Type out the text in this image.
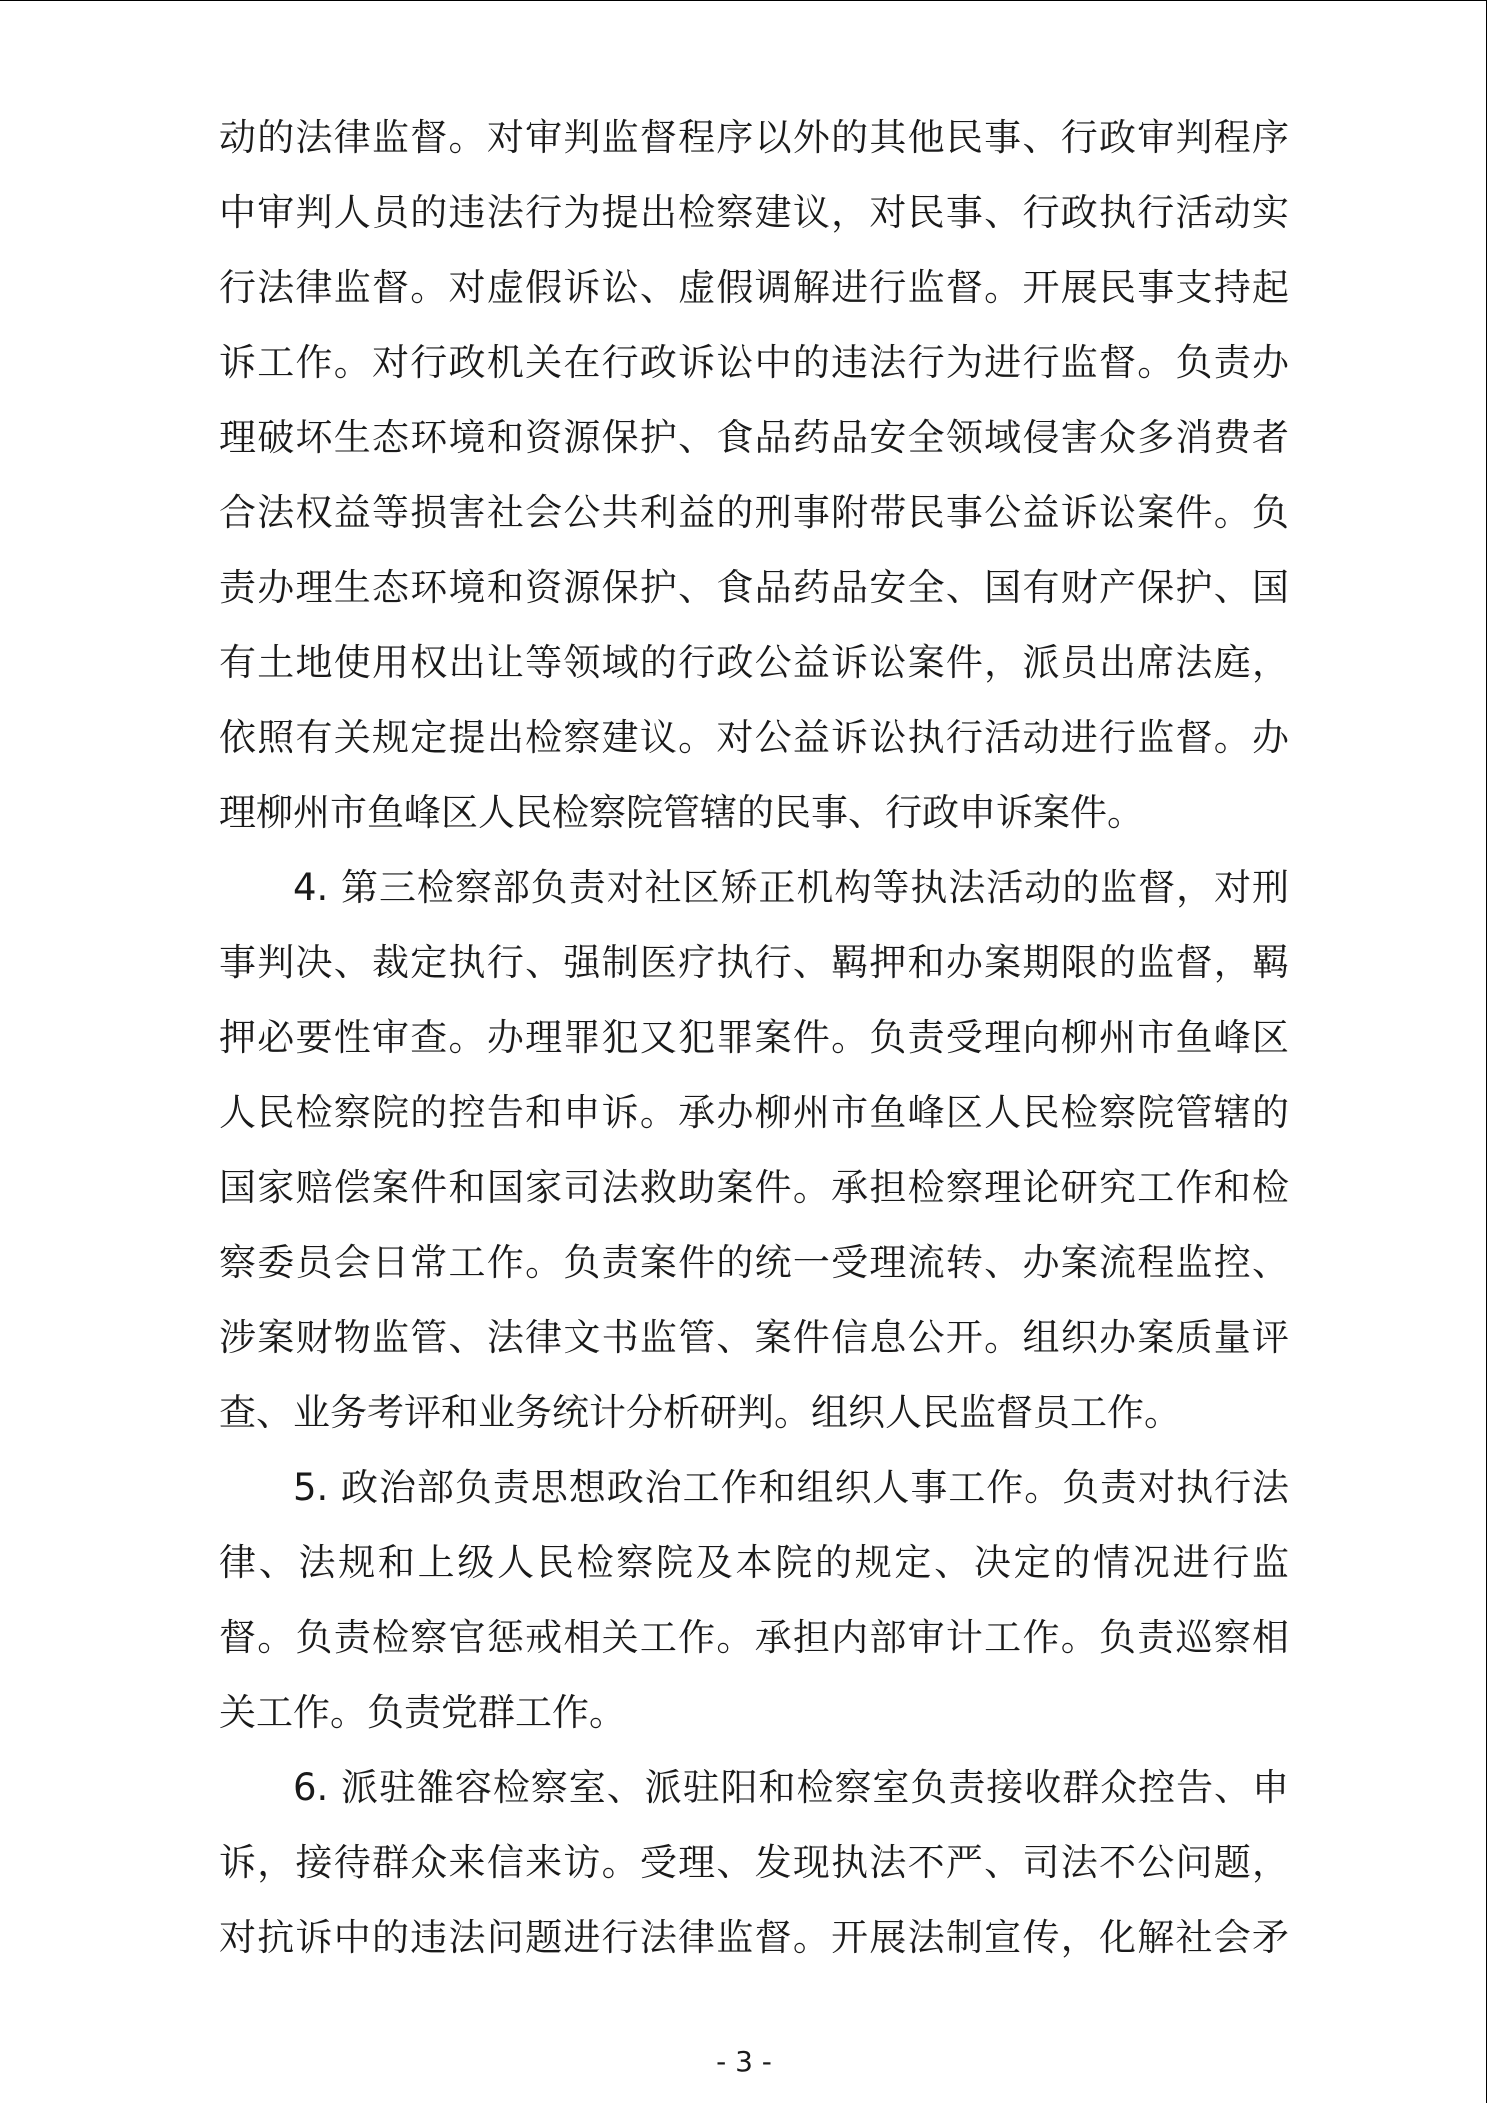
动的法律监督。对审判监督程序以外的其他民事、行政审判程序
中审判人员的违法行为提出检察建议，对民事、行政执行活动实
行法律监督。对虚假诉讼、虚假调解进行监督。开展民事支持起
诉工作。对行政机关在行政诉讼中的违法行为进行监督。负责办
理破坏生态环境和资源保护、食品药品安全领域侵害众多消费者
合法权益等损害社会公共利益的刑事附带民事公益诉讼案件。负
责办理生态环境和资源保护、食品药品安全、国有财产保护、国
有土地使用权出让等领域的行政公益诉讼案件，派员出席法庭，
依照有关规定提出检察建议。对公益诉讼执行活动进行监督。办
理柳州市鱼峰区人民检察院管辖的民事、行政申诉案件。
4. 第三检察部负责对社区矫正机构等执法活动的监督，对刑
事判决、裁定执行、强制医疗执行、羁押和办案期限的监督，羁
押必要性审查。办理罪犯又犯罪案件。负责受理向柳州市鱼峰区
人民检察院的控告和申诉。承办柳州市鱼峰区人民检察院管辖的
国家赔偿案件和国家司法救助案件。承担检察理论研究工作和检
察委员会日常工作。负责案件的统一受理流转、办案流程监控、
涉案财物监管、法律文书监管、案件信息公开。组织办案质量评
查、业务考评和业务统计分析研判。组织人民监督员工作。
5. 政治部负责思想政治工作和组织人事工作。负责对执行法
律、法规和上级人民检察院及本院的规定、决定的情况进行监
督。负责检察官惩戒相关工作。承担内部审计工作。负责巡察相
关工作。负责党群工作。
6. 派驻雒容检察室、派驻阳和检察室负责接收群众控告、申
诉，接待群众来信来访。受理、发现执法不严、司法不公问题，
对抗诉中的违法问题进行法律监督。开展法制宣传，化解社会矛
- 3 -
